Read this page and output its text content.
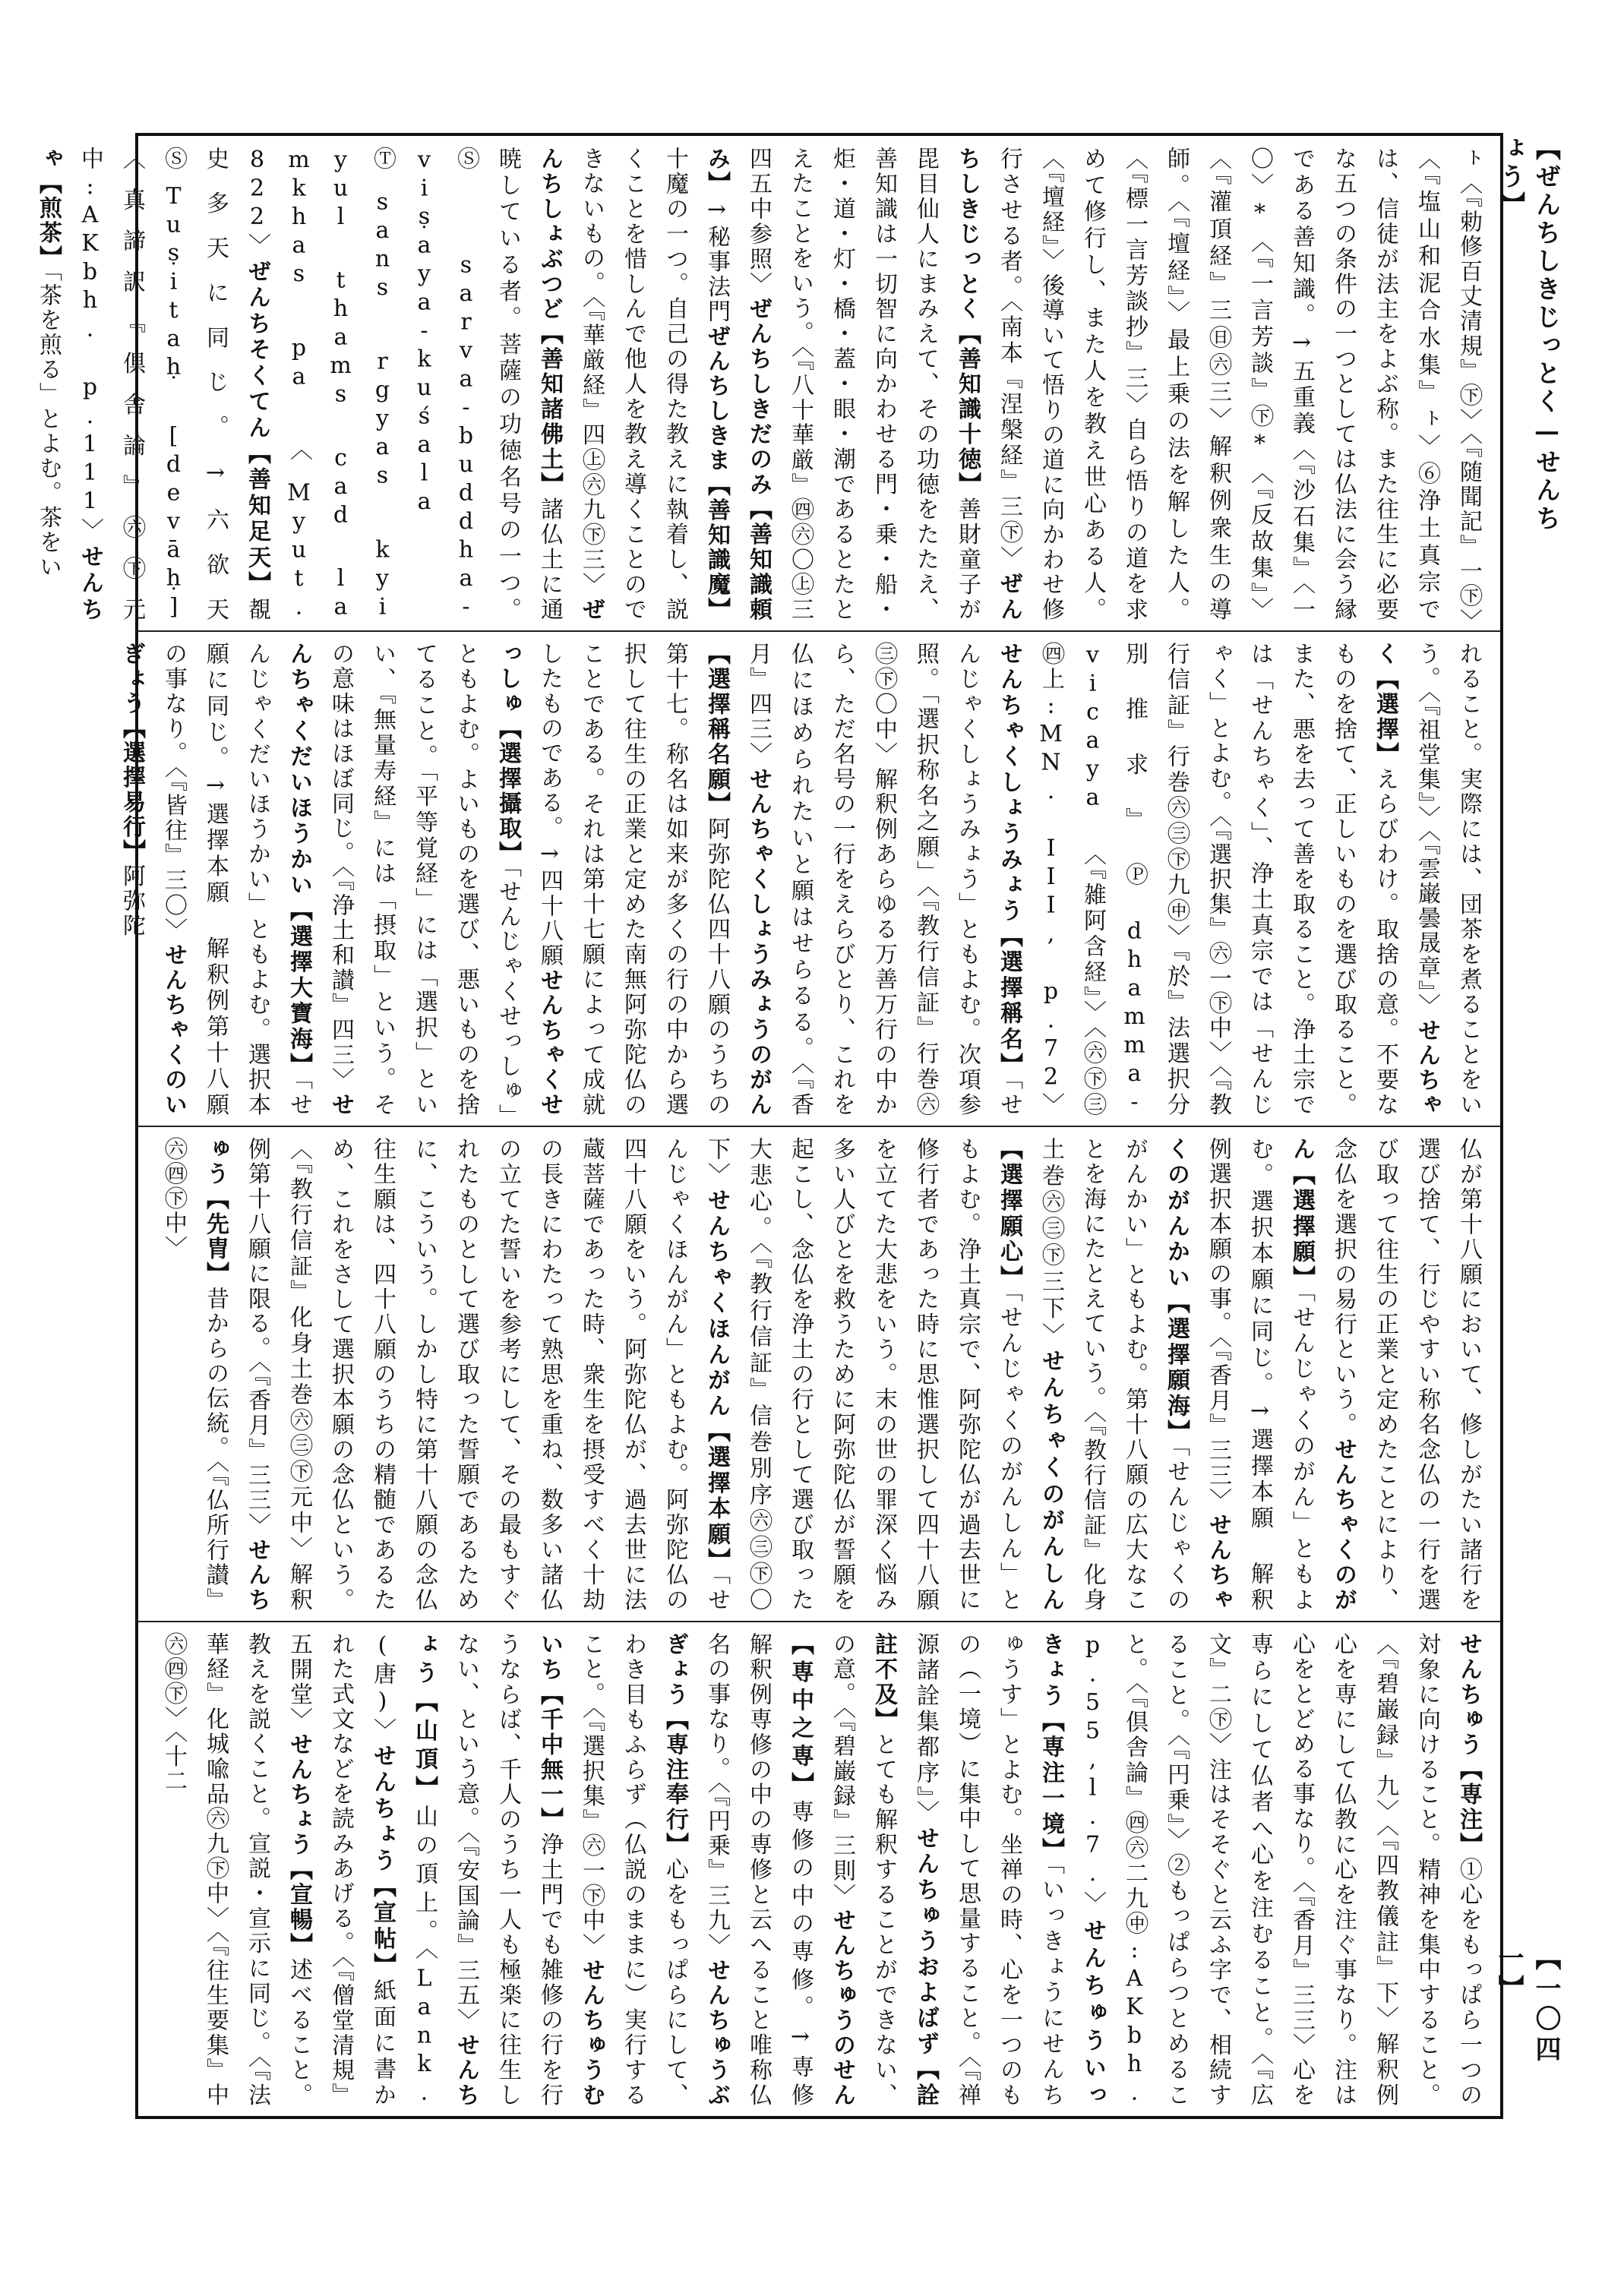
【ぜんちしきじっとく—せんちょう】
【一〇四一】
ㇳ〈『勅修百丈清規』㊦〉〈『随聞記』一㊦〉〈『塩山和泥合水集』ㇳ〉⑥浄土真宗では、信徒が法主をよぶ称。また往生に必要な五つの条件の一つとしては仏法に会う縁である善知識。→五重義〈『沙石集』〈一〇〉*〈『一言芳談』㊦*〈『反故集』〉〈『灌頂経』三㊐㊅三〉解釈例衆生の導師。〈『壇経』〉最上乗の法を解した人。〈『標一言芳談抄』三〉自ら悟りの道を求めて修行し、また人を教え世心ある人。〈『壇経』〉後導いて悟りの道に向かわせ修行させる者。〈南本『涅槃経』三㊦〉ぜんちしきじっとく【善知識十徳】善財童子が毘目仙人にまみえて、その功徳をたたえ、善知識は一切智に向かわせる門・乗・船・炬・道・灯・橋・蓋・眼・潮であるとたとえたことをいう。〈『八十華厳』㊃㊅〇㊤三四五中参照〉ぜんちしきだのみ【善知識頼み】→秘事法門ぜんちしきま【善知識魔】十魔の一つ。自己の得た教えに執着し、説くことを惜しんで他人を教え導くことのできないもの。〈『華厳経』四㊤㊅九㊦三〉ぜんちしょぶつど【善知諸佛土】諸仏土に通暁している者。菩薩の功徳名号の一つ。Ⓢsarva-buddha-viṣaya-kuśala Ⓣsans rgyas kyi yul thams cad la mkhas pa 〈Myut. 822〉ぜんちそくてん【善知足天】覩史多天に同じ。→六欲天 ⓈTuṣitaḥ [devāḥ]〈真諦訳『倶舎論』㊅㊦元中:AKbh. p.111〉せんちゃ【煎茶】「茶を煎る」とよむ。茶をい
れること。実際には、団茶を煮ることをいう。〈『祖堂集』〉〈『雲巌曇晟章』〉せんちゃく【選擇】えらびわけ。取捨の意。不要なものを捨て、正しいものを選び取ること。また、悪を去って善を取ること。浄土宗では「せんちゃく」、浄土真宗では「せんじゃく」とよむ。〈『選択集』㊅一㊦中〉〈『教行信証』行巻㊅㊂㊦九㊥〉『於』法選択分別推求』Ⓟdhamma-vicaya 〈『雑阿含経』〉〈㊅㊦㊂㊃上:MN. III, p.72〉せんちゃくしょうみょう【選擇稱名】「せんじゃくしょうみょう」ともよむ。次項参照。「選択称名之願」〈『教行信証』行巻㊅㊂㊦〇中〉解釈例あらゆる万善万行の中から、ただ名号の一行をえらびとり、これを仏にほめられたいと願はせらるる。〈『香月』四三〉せんちゃくしょうみょうのがん【選擇稱名願】阿弥陀仏四十八願のうちの第十七。称名は如来が多くの行の中から選択して往生の正業と定めた南無阿弥陀仏のことである。それは第十七願によって成就したものである。→四十八願せんちゃくせっしゅ【選擇攝取】「せんじゃくせっしゅ」ともよむ。よいものを選び、悪いものを捨てること。「平等覚経」には「選択」といい、『無量寿経』には「摂取」という。その意味はほぼ同じ。〈『浄土和讃』四三〉せんちゃくだいほうかい【選擇大寶海】「せんじゃくだいほうかい」ともよむ。選択本願に同じ。→選擇本願 解釈例第十八願の事なり。〈『皆往』三〇〉せんちゃくのいぎょう【選擇易行】阿弥陀
仏が第十八願において、修しがたい諸行を選び捨て、行じやすい称名念仏の一行を選び取って往生の正業と定めたことにより、念仏を選択の易行という。せんちゃくのがん【選擇願】「せんじゃくのがん」ともよむ。選択本願に同じ。→選擇本願 解釈例選択本願の事。〈『香月』三三〉せんちゃくのがんかい【選擇願海】「せんじゃくのがんかい」ともよむ。第十八願の広大なことを海にたとえていう。〈『教行信証』化身土巻㊅㊂㊦三下〉せんちゃくのがんしん【選擇願心】「せんじゃくのがんしん」ともよむ。浄土真宗で、阿弥陀仏が過去世に修行者であった時に思惟選択して四十八願を立てた大悲をいう。末の世の罪深く悩み多い人びとを救うために阿弥陀仏が誓願を起こし、念仏を浄土の行として選び取った大悲心。〈『教行信証』信巻別序㊅㊂㊦〇下〉せんちゃくほんがん【選擇本願】「せんじゃくほんがん」ともよむ。阿弥陀仏の四十八願をいう。阿弥陀仏が、過去世に法蔵菩薩であった時、衆生を摂受すべく十劫の長きにわたって熟思を重ね、数多い諸仏の立てた誓いを参考にして、その最もすぐれたものとして選び取った誓願であるために、こういう。しかし特に第十八願の念仏往生願は、四十八願のうちの精髄であるため、これをさして選択本願の念仏という。〈『教行信証』化身土巻㊅㊂㊦元中〉解釈例第十八願に限る。〈『香月』三三〉せんちゅう【先胄】昔からの伝統。〈『仏所行讃』㊅㊃㊦中〉
せんちゅう【専注】①心をもっぱら一つの対象に向けること。精神を集中すること。〈『碧巌録』九〉〈『四教儀註』下〉解釈例心を専にして仏教に心を注ぐ事なり。注は心をとどめる事なり。〈『香月』三三〉心を専らにして仏者へ心を注むること。〈『広文』二㊦〉注はそそぐと云ふ字で、相続すること。〈『円乗』〉②もっぱらつとめること。〈『倶舎論』㊃㊅二九㊥:AKbh. p.55,l.7.〉せんちゅういっきょう【専注一境】「いっきょうにせんちゅうす」とよむ。坐禅の時、心を一つのもの（一境）に集中して思量すること。〈『禅源諸詮集都序』〉せんちゅうおよばず【詮註不及】とても解釈することができない、の意。〈『碧巌録』三則〉せんちゅうのせん【専中之専】専修の中の専修。→専修 解釈例専修の中の専修と云へること唯称仏名の事なり。〈『円乗』三九〉せんちゅうぶぎょう【専注奉行】心をもっぱらにして、わき目もふらず（仏説のままに）実行すること。〈『選択集』㊅一㊦中〉せんちゅうむいち【千中無一】浄土門でも雑修の行を行うならば、千人のうち一人も極楽に往生しない、という意。〈『安国論』三五〉せんちょう【山頂】山の頂上。〈Lank. (唐)〉せんちょう【宣帖】紙面に書かれた式文などを読みあげる。〈『僧堂清規』五開堂〉せんちょう【宣暢】述べること。教えを説くこと。宣説・宣示に同じ。〈『法華経』化城喩品㊅九㊦中〉〈『往生要集』中㊅㊃㊦〉〈十二
